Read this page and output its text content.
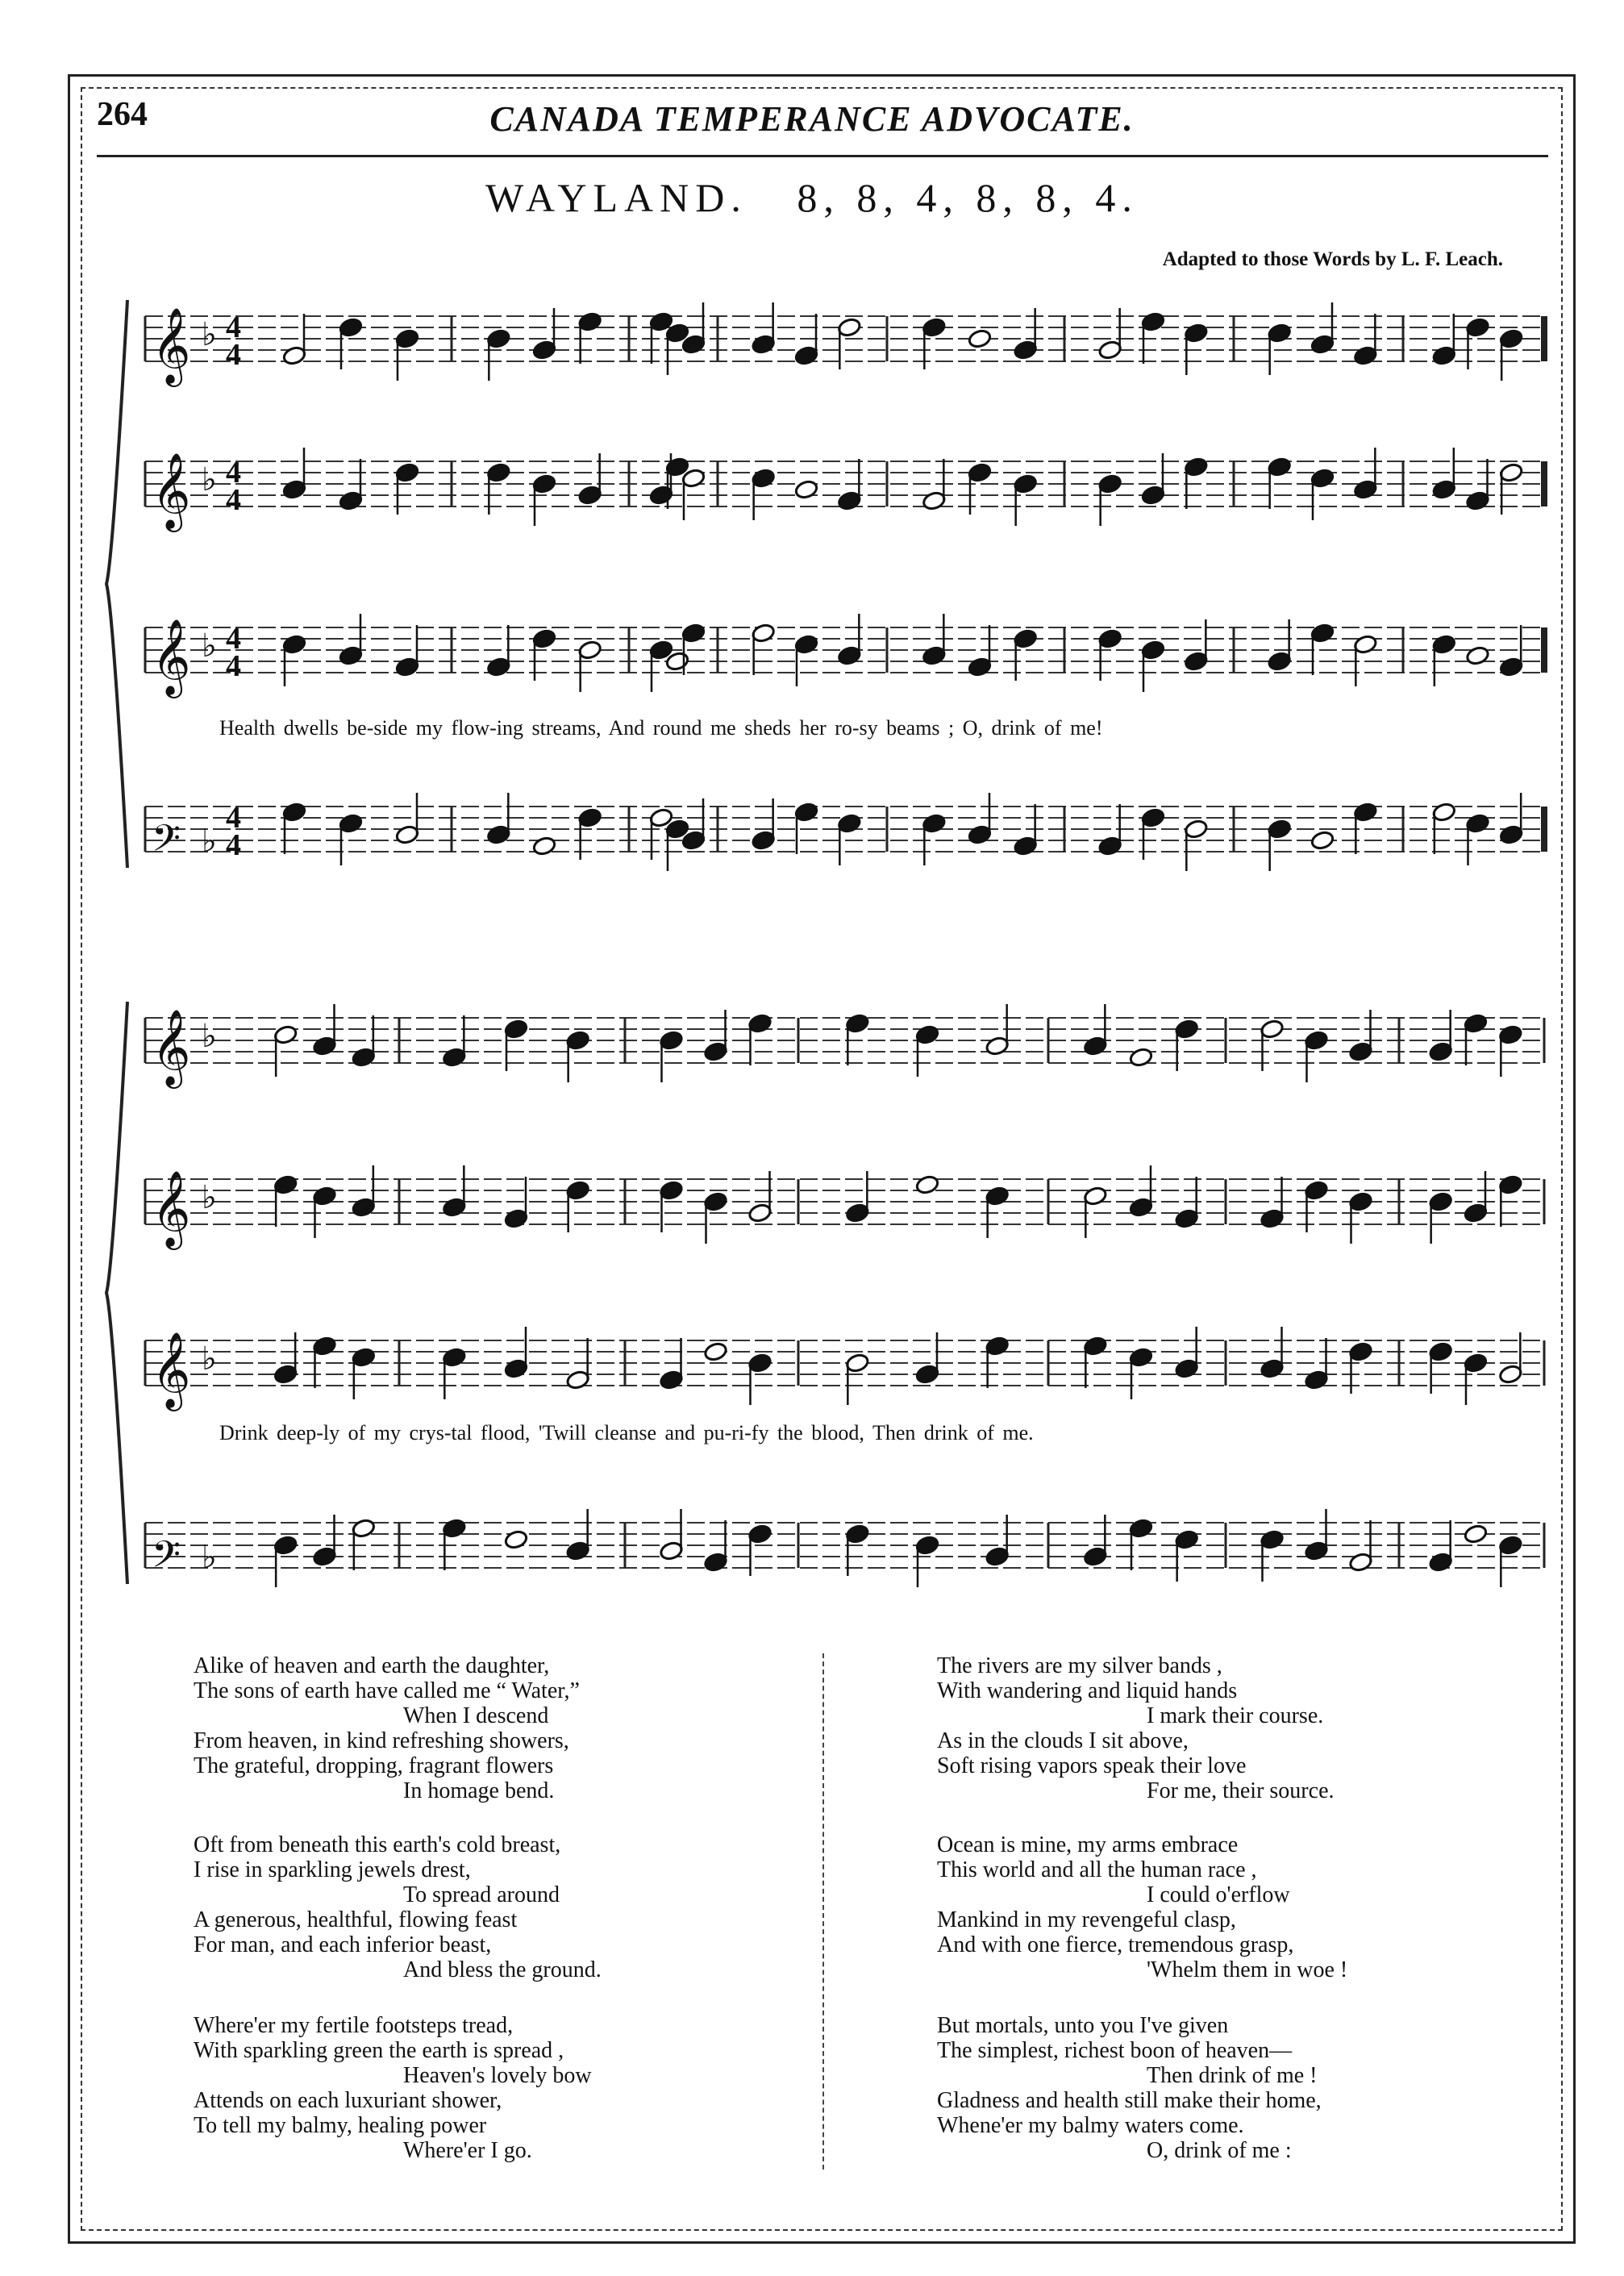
264	CANADA TEMPERANCE ADVOCATE.
WAYLAND. 8, 8, 4, 8, 8, 4.
Adapted to those Words by L. F. Leach.
𝄞 ♭ 4
4
𝄞 ♭ 4
4
𝄞 ♭ 4
4
𝄢 ♭
4
4
𝄞 ♭
𝄞 ♭
𝄞 ♭
𝄢 ♭
Health dwells be-side my flow-ing streams, And round me sheds her ro-sy beams ; O, drink of me!
Drink deep-ly of my crys-tal flood, 'Twill cleanse and pu-ri-fy the blood, Then drink of me.
Alike of heaven and earth the daughter,
The sons of earth have called me “ Water,”
When I descend
From heaven, in kind refreshing showers,
The grateful, dropping, fragrant flowers
In homage bend.
Oft from beneath this earth's cold breast,
I rise in sparkling jewels drest,
To spread around
A generous, healthful, flowing feast
For man, and each inferior beast,
And bless the ground.
Where'er my fertile footsteps tread,
With sparkling green the earth is spread ,
Heaven's lovely bow
Attends on each luxuriant shower,
To tell my balmy, healing power
Where'er I go.
The rivers are my silver bands ,
With wandering and liquid hands
I mark their course.
As in the clouds I sit above,
Soft rising vapors speak their love
For me, their source.
Ocean is mine, my arms embrace
This world and all the human race ,
I could o'erflow
Mankind in my revengeful clasp,
And with one fierce, tremendous grasp,
'Whelm them in woe !
But mortals, unto you I've given
The simplest, richest boon of heaven—
Then drink of me !
Gladness and health still make their home,
Whene'er my balmy waters come.
O, drink of me :
